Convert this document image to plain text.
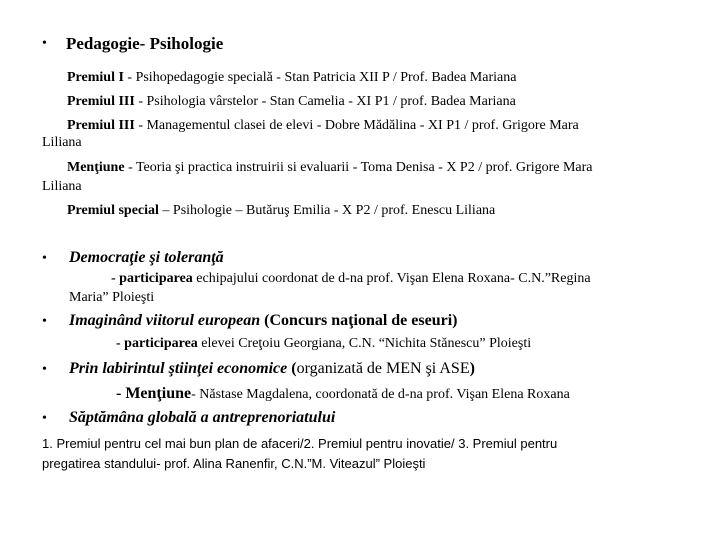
• Pedagogie- Psihologie
Premiul I - Psihopedagogie specială - Stan Patricia XII P / Prof. Badea Mariana
Premiul III - Psihologia vârstelor - Stan Camelia - XI P1 / prof. Badea Mariana
Premiul III - Managementul clasei de elevi - Dobre Mădălina - XI P1 / prof. Grigore Mara
Liliana
Menţiune - Teoria şi practica instruirii si evaluarii - Toma Denisa - X P2 / prof. Grigore Mara
Liliana
Premiul special – Psihologie – Butăruş Emilia - X P2 / prof. Enescu Liliana
• Democraţie şi toleranţă
- participarea echipajului coordonat de d-na prof. Vişan Elena Roxana- C.N.”Regina
Maria” Ploieşti
• Imaginând viitorul european (Concurs naţional de eseuri)
- participarea elevei Creţoiu Georgiana, C.N. “Nichita Stănescu” Ploieşti
• Prin labirintul ştiinţei economice (organizată de MEN şi ASE)
- Menţiune- Năstase Magdalena, coordonată de d-na prof. Vişan Elena Roxana
• Săptămâna globală a antreprenoriatului
1. Premiul pentru cel mai bun plan de afaceri/2. Premiul pentru inovatie/ 3. Premiul pentru
pregatirea standului- prof. Alina Ranenfir, C.N.”M. Viteazul” Ploieşti
